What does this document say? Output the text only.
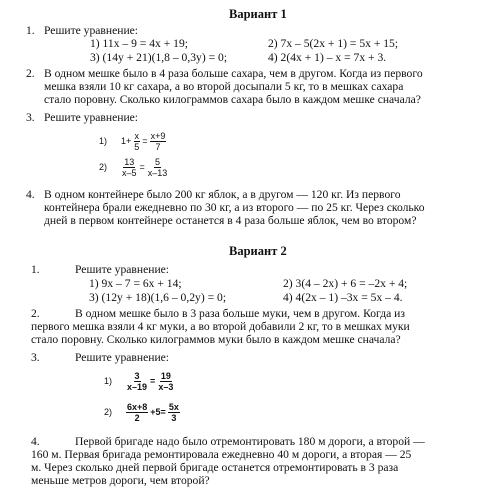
Вариант 1
1. Решите уравнение:
1) 11x – 9 = 4x + 19;	2) 7x – 5(2x + 1) = 5x + 15;
3) (14y + 21)(1,8 – 0,3y) = 0;	4) 2(4x + 1) – x = 7x + 3.
2. В одном мешке было в 4 раза больше сахара, чем в другом. Когда из первого
мешка взяли 10 кг сахара, а во второй досыпали 5 кг, то в мешках сахара
стало поровну. Сколько килограммов сахара было в каждом мешке сначала?
3. Решите уравнение:
1) $1+ \frac{x}{5} = \frac{x+9}{7}$
$2) \frac{13}{x-5} = \frac{5}{x-13}$
4. В одном контейнере было 200 кг яблок, а в другом — 120 кг. Из первого
контейнера брали ежедневно по 30 кг, а из второго — по 25 кг. Через сколько
дней в первом контейнере останется в 4 раза больше яблок, чем во втором?
Вариант 2
1.	Решите уравнение:
1) 9x – 7 = 6x + 14;	2) 3(4 – 2x) + 6 = –2x + 4;
3) (12y + 18)(1,6 – 0,2y) = 0;	4) 4(2x – 1) –3x = 5x – 4.
2.	В одном мешке было в 3 раза больше муки, чем в другом. Когда из
первого мешка взяли 4 кг муки, а во второй добавили 2 кг, то в мешках муки
стало поровну. Сколько килограммов муки было в каждом мешке сначала?
3.	Решите уравнение:
$1) \frac{3}{x-19} = \frac{19}{x-3}$
$2) \frac{6x+8}{2} +5= \frac{5x}{3}$
4.	Первой бригаде надо было отремонтировать 180 м дороги, а второй —
160 м. Первая бригада ремонтировала ежедневно 40 м дороги, а вторая — 25
м. Через сколько дней первой бригаде останется отремонтировать в 3 раза
меньше метров дороги, чем второй?
